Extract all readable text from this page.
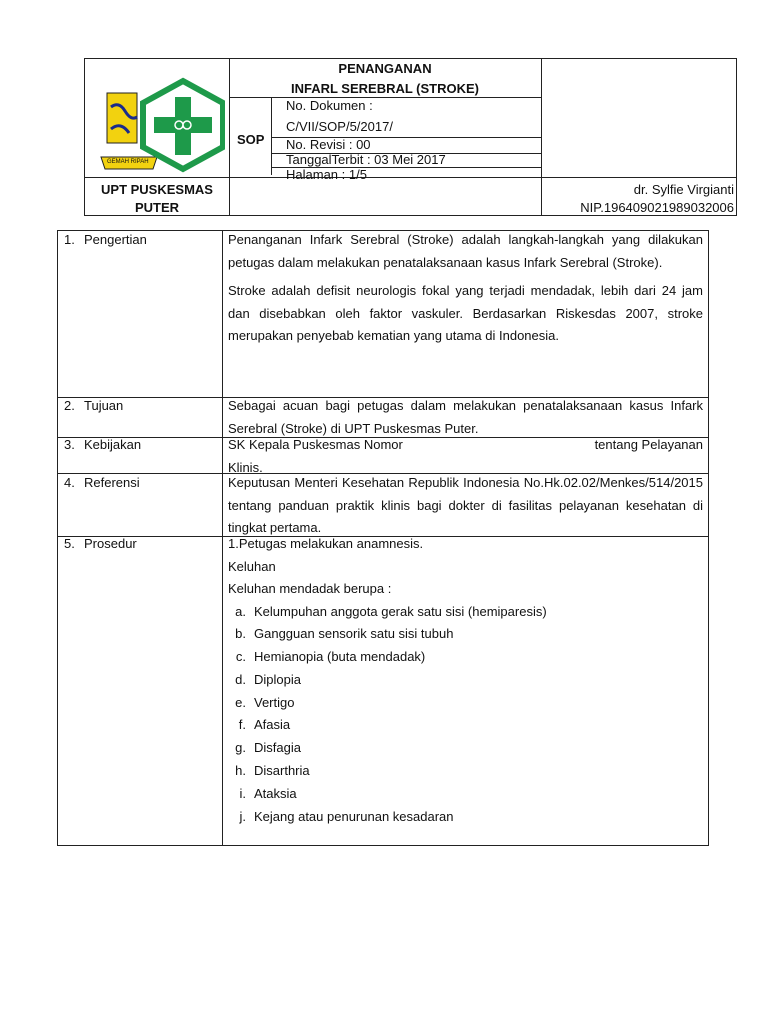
GEMAH RIPAH
PENANGANAN
INFARL SEREBRAL (STROKE)
SOP
No. Dokumen :
C/VII/SOP/5/2017/
No. Revisi : 00
TanggalTerbit : 03 Mei 2017
Halaman : 1/5
UPT PUSKESMAS
PUTER
dr. Sylfie Virgianti
NIP.196409021989032006
1. Pengertian	Penanganan Infark Serebral (Stroke) adalah langkah-langkah yang dilakukan petugas dalam melakukan penatalaksanaan kasus Infark Serebral (Stroke).

Stroke adalah defisit neurologis fokal yang terjadi mendadak, lebih dari 24 jam dan disebabkan oleh faktor vaskuler. Berdasarkan Riskesdas 2007, stroke merupakan penyebab kematian yang utama di Indonesia.

2. Tujuan	Sebagai acuan bagi petugas dalam melakukan penatalaksanaan kasus Infark Serebral (Stroke) di UPT Puskesmas Puter.
3. Kebijakan	SK Kepala Puskesmas Nomor	tentang Pelayanan
Klinis.
4. Referensi	Keputusan Menteri Kesehatan Republik Indonesia No.Hk.02.02/Menkes/514/2015 tentang panduan praktik klinis bagi dokter di fasilitas pelayanan kesehatan di tingkat pertama.
5. Prosedur	1.Petugas melakukan anamnesis.
Keluhan
Keluhan mendadak berupa :
a. Kelumpuhan anggota gerak satu sisi (hemiparesis)
b. Gangguan sensorik satu sisi tubuh
c. Hemianopia (buta mendadak)
d. Diplopia
e. Vertigo
f. Afasia
g. Disfagia
h. Disarthria
i. Ataksia
j. Kejang atau penurunan kesadaran
